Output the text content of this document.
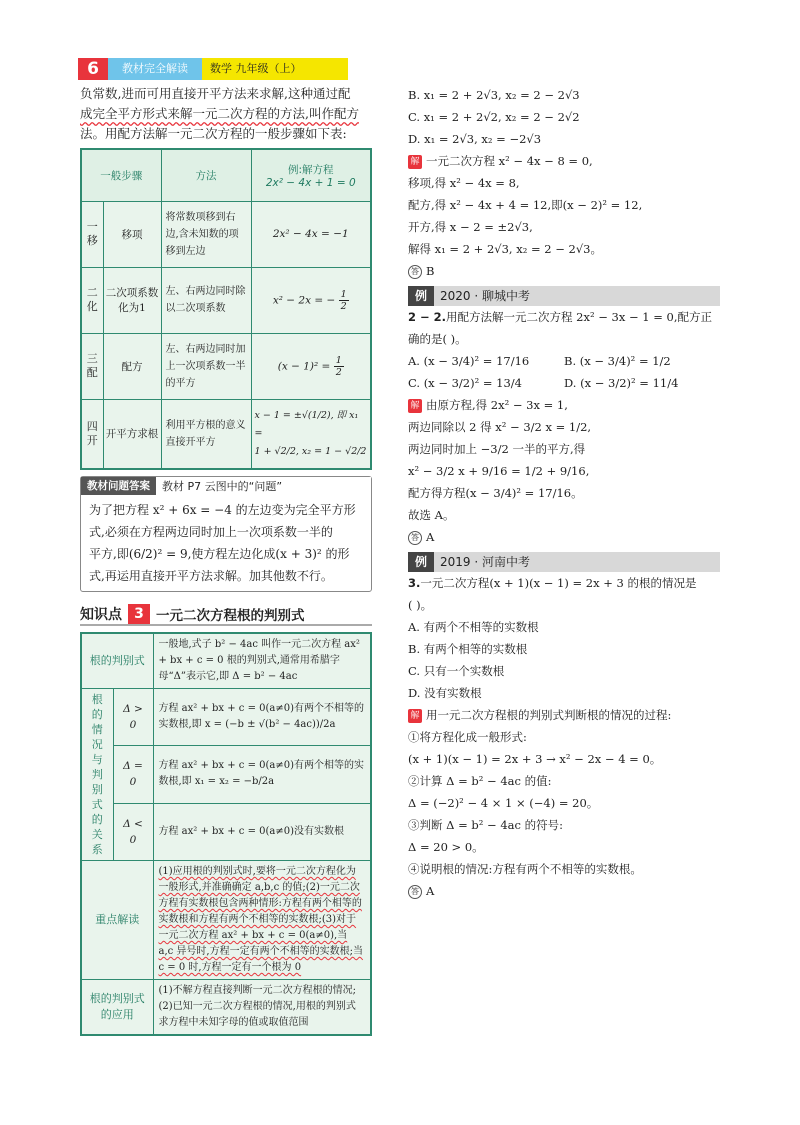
6	教材完全解读	数学 九年级（上）
负常数,进而可用直接开平方法来求解,这种通过配
成完全平方形式来解一元二次方程的方法,叫作配方
法。用配方法解一元二次方程的一般步骤如下表:
一般步骤		方法	例:解方程
2x² − 4x + 1 = 0

一移	移项	将常数项移到右边,含未知数的项移到左边	2x² − 4x = −1
二化	二次项系数化为1	左、右两边同时除以二次项系数	x² − 2x = − $\frac{1}{2}$

三配	配方	左、右两边同时加上一次项系数一半的平方	$(x - 1)^2 = \frac{1}{2}$

四开	开平方求根	利用平方根的意义直接开平方	x − 1 = ±√(1/2), 即 x₁ =
1 + √2/2, x₂ = 1 − √2/2
教材问题答案	教材 P7 云图中的“问题”
为了把方程 x² + 6x = −4 的左边变为完全平方形
式,必须在方程两边同时加上一次项系数一半的
平方,即(6/2)² = 9,使方程左边化成(x + 3)² 的形
式,再运用直接开平方法求解。加其他数不行。
知识点 3 一元二次方程根的判别式
根的判别式		一般地,式子 b² − 4ac 叫作一元二次方程 ax² + bx + c = 0 根的判别式,通常用希腊字母“Δ”表示它,即 Δ = b² − 4ac
根的情况与判别式的关系	Δ > 0	方程 ax² + bx + c = 0(a≠0)有两个不相等的实数根,即 x = (−b ± √(b² − 4ac))/2a
	Δ = 0	方程 ax² + bx + c = 0(a≠0)有两个相等的实数根,即 x₁ = x₂ = −b/2a
	Δ < 0	方程 ax² + bx + c = 0(a≠0)没有实数根
重点解读		(1)应用根的判别式时,要将一元二次方程化为一般形式,并准确确定 a,b,c 的值;(2)一元二次方程有实数根包含两种情形:方程有两个相等的实数根和方程有两个不相等的实数根;(3)对于一元二次方程 ax² + bx + c = 0(a≠0),当 a,c 异号时,方程一定有两个不相等的实数根;当 c = 0 时,方程一定有一个根为 0
根的判别式的应用		(1)不解方程直接判断一元二次方程根的情况;(2)已知一元二次方程根的情况,用根的判别式求方程中未知字母的值或取值范围
B. x₁ = 2 + 2√3, x₂ = 2 − 2√3
C. x₁ = 2 + 2√2, x₂ = 2 − 2√2
D. x₁ = 2√3, x₂ = −2√3
解 一元二次方程 x² − 4x − 8 = 0,
移项,得 x² − 4x = 8,
配方,得 x² − 4x + 4 = 12,即(x − 2)² = 12,
开方,得 x − 2 = ±2√3,
解得 x₁ = 2 + 2√3, x₂ = 2 − 2√3。
答 B
例	2020 · 聊城中考
2 − 2.用配方法解一元二次方程 2x² − 3x − 1 = 0,配方正
确的是( )。
A. (x − 3/4)² = 17/16	B. (x − 3/4)² = 1/2
C. (x − 3/2)² = 13/4	D. (x − 3/2)² = 11/4
解 由原方程,得 2x² − 3x = 1,
两边同除以 2 得 x² − 3/2 x = 1/2,
两边同时加上 −3/2 一半的平方,得
x² − 3/2 x + 9/16 = 1/2 + 9/16,
配方得方程(x − 3/4)² = 17/16。
故选 A。
答 A
例	2019 · 河南中考
3.一元二次方程(x + 1)(x − 1) = 2x + 3 的根的情况是
( )。
A. 有两个不相等的实数根
B. 有两个相等的实数根
C. 只有一个实数根
D. 没有实数根
解 用一元二次方程根的判别式判断根的情况的过程:
①将方程化成一般形式:
(x + 1)(x − 1) = 2x + 3 → x² − 2x − 4 = 0。
②计算 Δ = b² − 4ac 的值:
Δ = (−2)² − 4 × 1 × (−4) = 20。
③判断 Δ = b² − 4ac 的符号:
Δ = 20 > 0。
④说明根的情况:方程有两个不相等的实数根。
答 A
